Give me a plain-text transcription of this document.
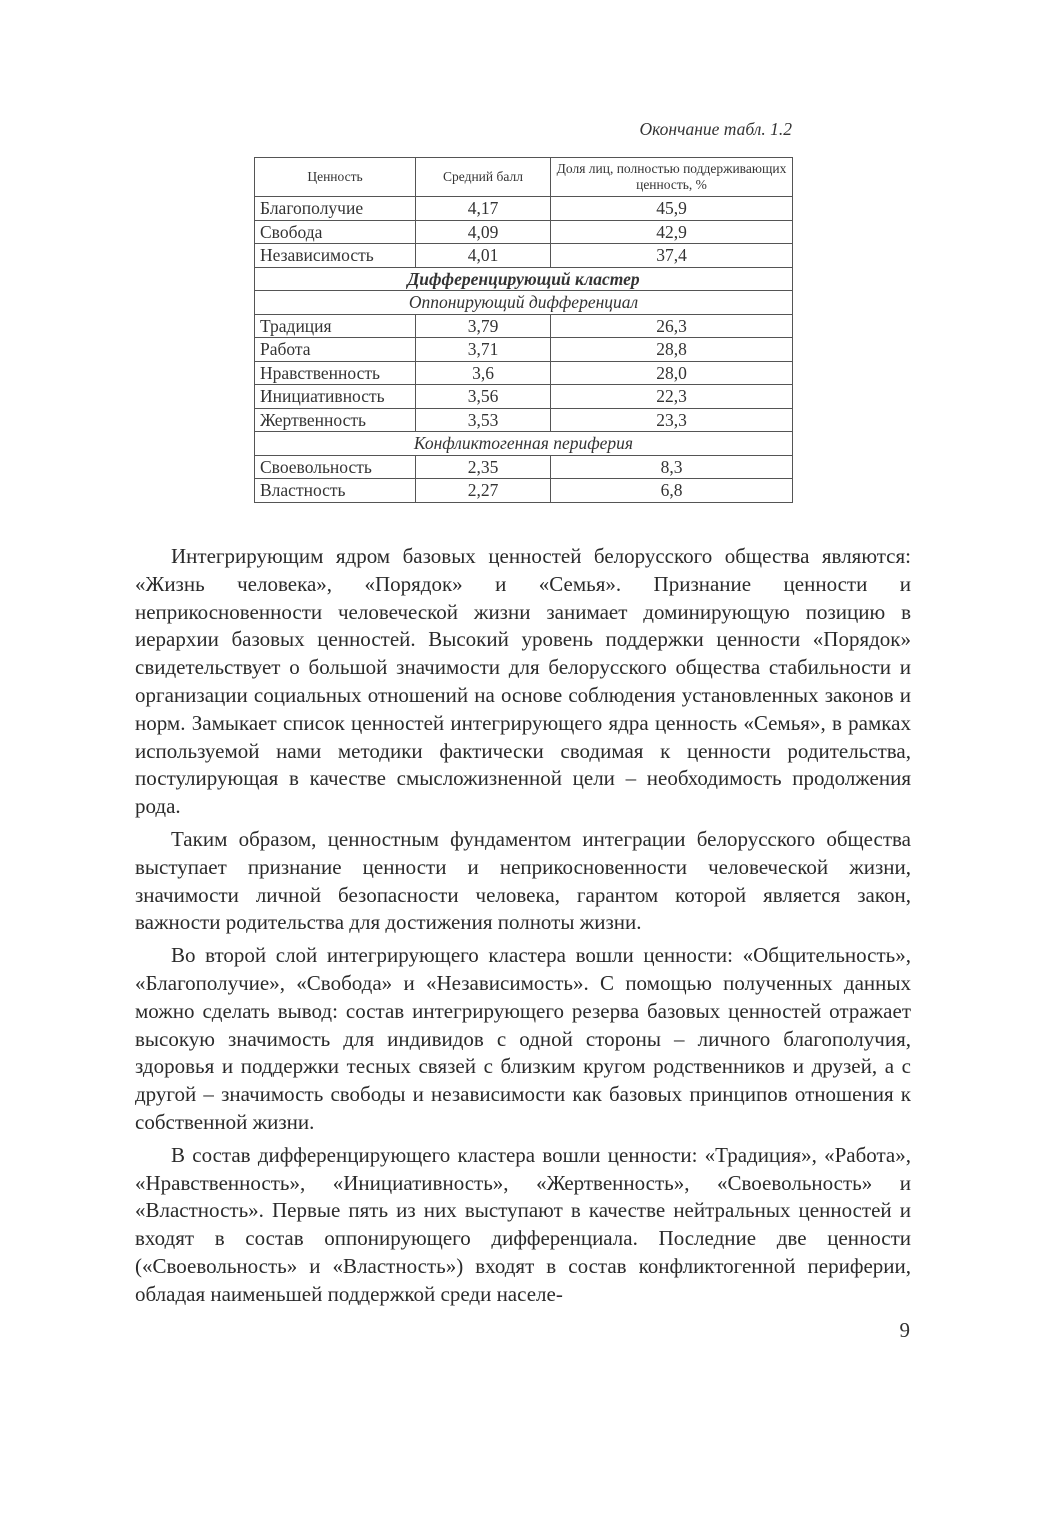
Окончание табл. 1.2
Ценность	Средний балл	Доля лиц, полностью поддерживающих ценность, %
Благополучие	4,17	45,9
Свобода	4,09	42,9
Независимость	4,01	37,4
Дифференцирующий кластер		
Оппонирующий дифференциал		
Традиция	3,79	26,3
Работа	3,71	28,8
Нравственность	3,6	28,0
Инициативность	3,56	22,3
Жертвенность	3,53	23,3
Конфликтогенная периферия		
Своевольность	2,35	8,3
Властность	2,27	6,8

Интегрирующим ядром базовых ценностей белорусского общества являются: «Жизнь человека», «Порядок» и «Семья». Признание ценности и неприкосновенности человеческой жизни занимает доминирующую позицию в иерархии базовых ценностей. Высокий уровень поддержки ценности «Порядок» свидетельствует о большой значимости для белорусского общества стабильности и организации социальных отношений на основе соблюдения установленных законов и норм. Замыкает список ценностей интегрирующего ядра ценность «Семья», в рамках используемой нами методики фактически сводимая к ценности родительства, постулирующая в качестве смысложизненной цели – необходимость продолжения рода.

Таким образом, ценностным фундаментом интеграции белорусского общества выступает признание ценности и неприкосновенности человеческой жизни, значимости личной безопасности человека, гарантом которой является закон, важности родительства для достижения полноты жизни.

Во второй слой интегрирующего кластера вошли ценности: «Общительность», «Благополучие», «Свобода» и «Независимость». С помощью полученных данных можно сделать вывод: состав интегрирующего резерва базовых ценностей отражает высокую значимость для индивидов с одной стороны – личного благополучия, здоровья и поддержки тесных связей с близким кругом родственников и друзей, а с другой – значимость свободы и независимости как базовых принципов отношения к собственной жизни.

В состав дифференцирующего кластера вошли ценности: «Традиция», «Работа», «Нравственность», «Инициативность», «Жертвенность», «Своевольность» и «Властность». Первые пять из них выступают в качестве нейтральных ценностей и входят в состав оппонирующего дифференциала. Последние две ценности («Своевольность» и «Властность») входят в состав конфликтогенной периферии, обладая наименьшей поддержкой среди населе-

9
